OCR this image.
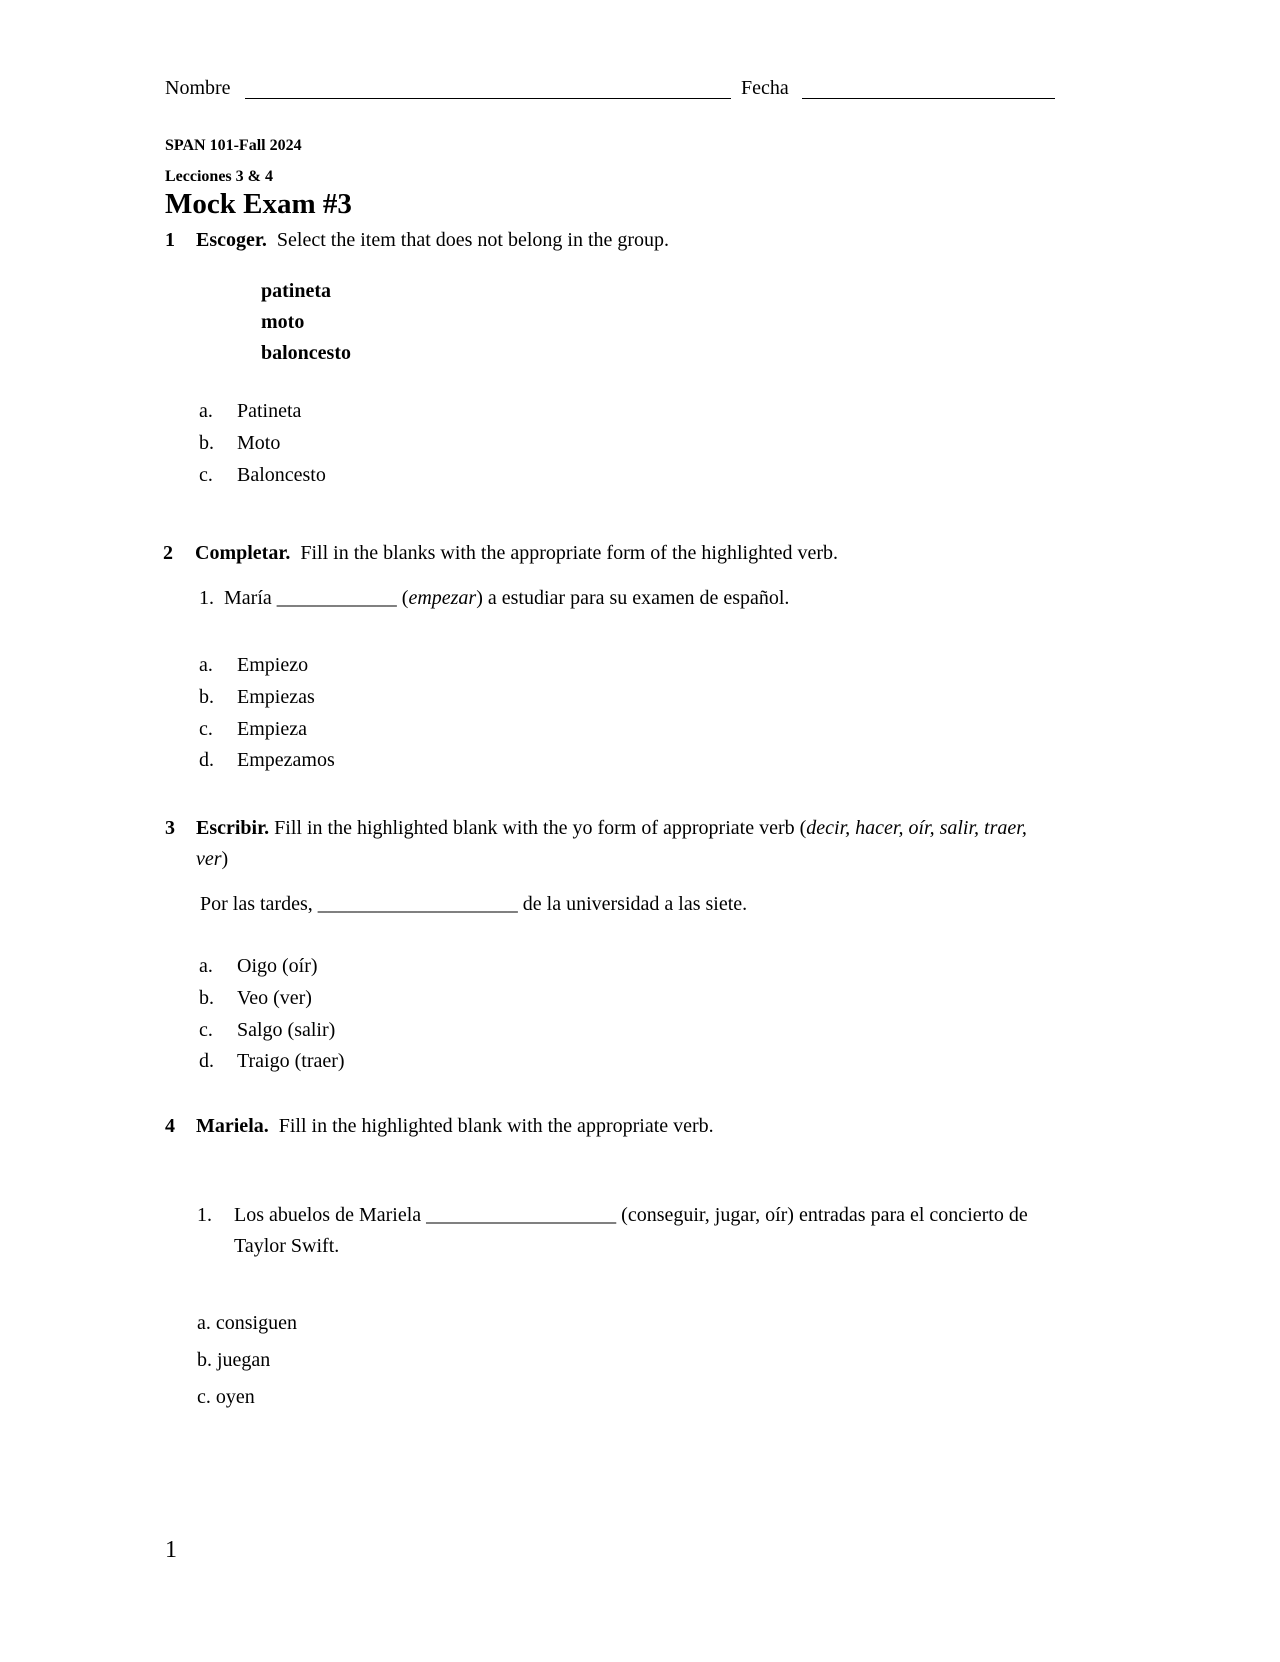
Nombre	Fecha
SPAN 101-Fall 2024
Lecciones 3 & 4
Mock Exam #3
1 Escoger. Select the item that does not belong in the group.
patineta
moto
baloncesto
a. Patineta
b. Moto
c. Baloncesto
2 Completar. Fill in the blanks with the appropriate form of the highlighted verb.
1. María ____________ (empezar) a estudiar para su examen de español.
a. Empiezo
b. Empiezas
c. Empieza
d. Empezamos
3 Escribir. Fill in the highlighted blank with the yo form of appropriate verb (decir, hacer, oír, salir, traer,
ver)
Por las tardes, ____________________ de la universidad a las siete.
a. Oigo (oír)
b. Veo (ver)
c. Salgo (salir)
d. Traigo (traer)
4 Mariela. Fill in the highlighted blank with the appropriate verb.
1. Los abuelos de Mariela ___________________ (conseguir, jugar, oír) entradas para el concierto de
Taylor Swift.
a. consiguen
b. juegan
c. oyen
1
